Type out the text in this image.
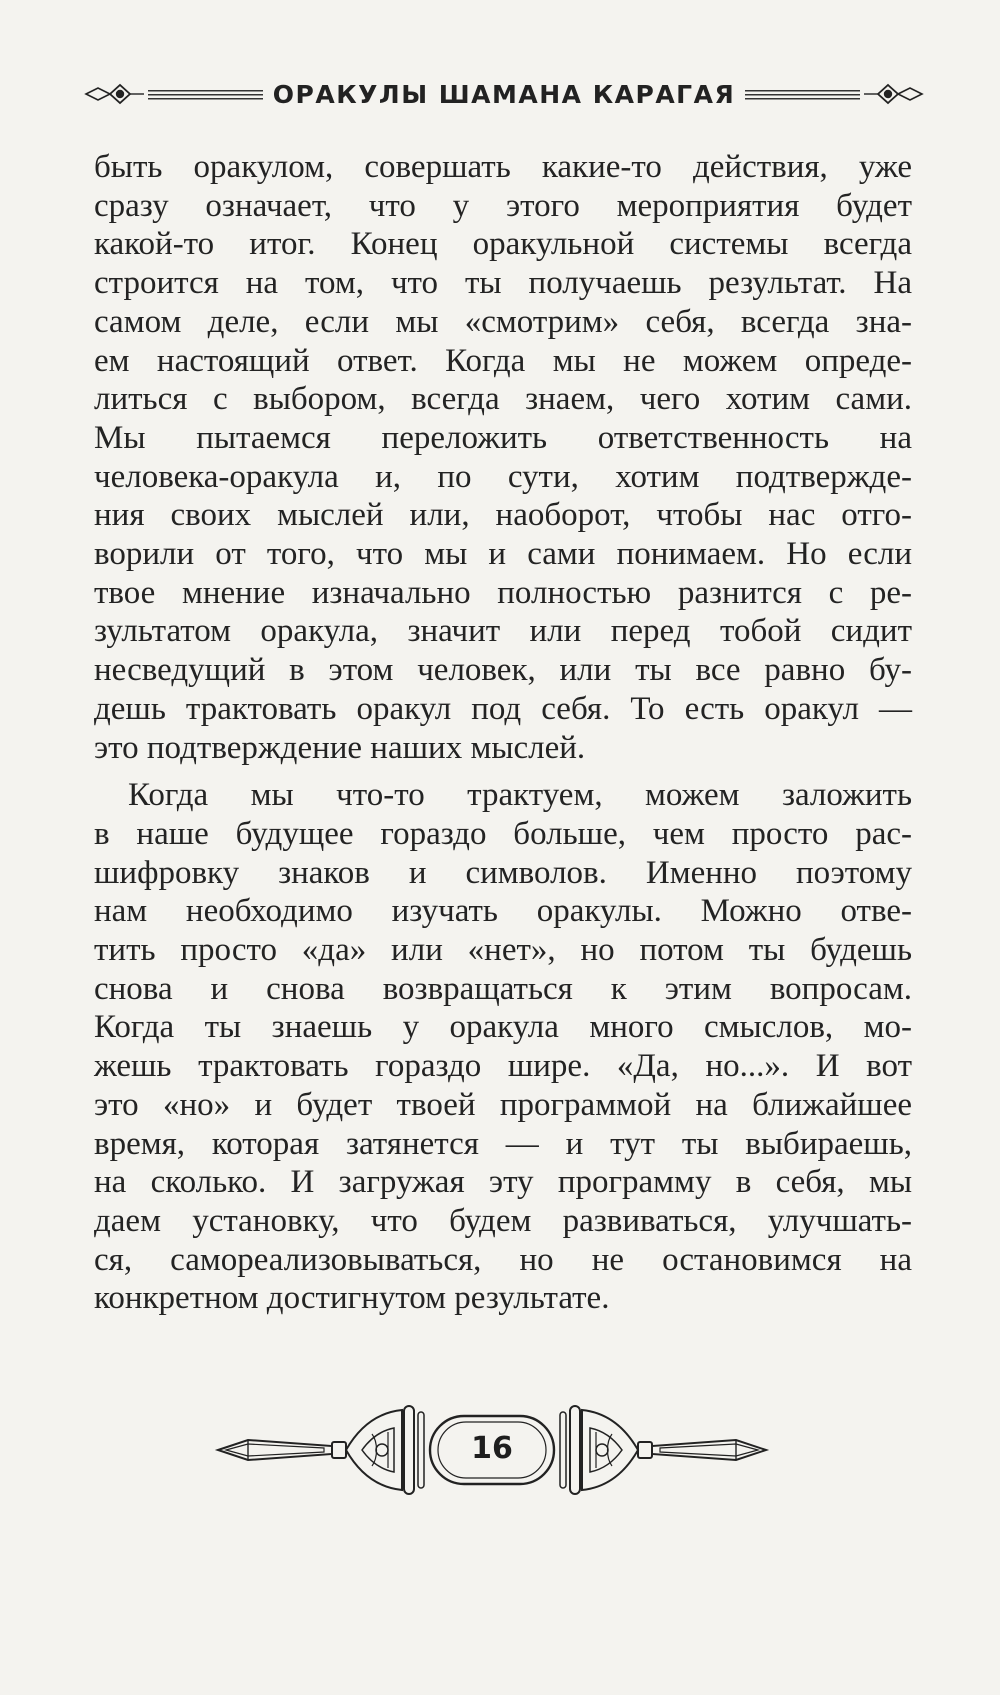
ОРАКУЛЫ ШАМАНА КАРАГАЯ

быть оракулом, совершать какие-то действия, уже
сразу означает, что у этого мероприятия будет
какой-то итог. Конец оракульной системы всегда
строится на том, что ты получаешь результат. На
самом деле, если мы «смотрим» себя, всегда зна-
ем настоящий ответ. Когда мы не можем опреде-
литься с выбором, всегда знаем, чего хотим сами.
Мы пытаемся переложить ответственность на
человека-оракула и, по сути, хотим подтвержде-
ния своих мыслей или, наоборот, чтобы нас отго-
ворили от того, что мы и сами понимаем. Но если
твое мнение изначально полностью разнится с ре-
зультатом оракула, значит или перед тобой сидит
несведущий в этом человек, или ты все равно бу-
дешь трактовать оракул под себя. То есть оракул —
это подтверждение наших мыслей.

Когда мы что-то трактуем, можем заложить
в наше будущее гораздо больше, чем просто рас-
шифровку знаков и символов. Именно поэтому
нам необходимо изучать оракулы. Можно отве-
тить просто «да» или «нет», но потом ты будешь
снова и снова возвращаться к этим вопросам.
Когда ты знаешь у оракула много смыслов, мо-
жешь трактовать гораздо шире. «Да, но...». И вот
это «но» и будет твоей программой на ближайшее
время, которая затянется — и тут ты выбираешь,
на сколько. И загружая эту программу в себя, мы
даем установку, что будем развиваться, улучшать-
ся, самореализовываться, но не остановимся на
конкретном достигнутом результате.

16
